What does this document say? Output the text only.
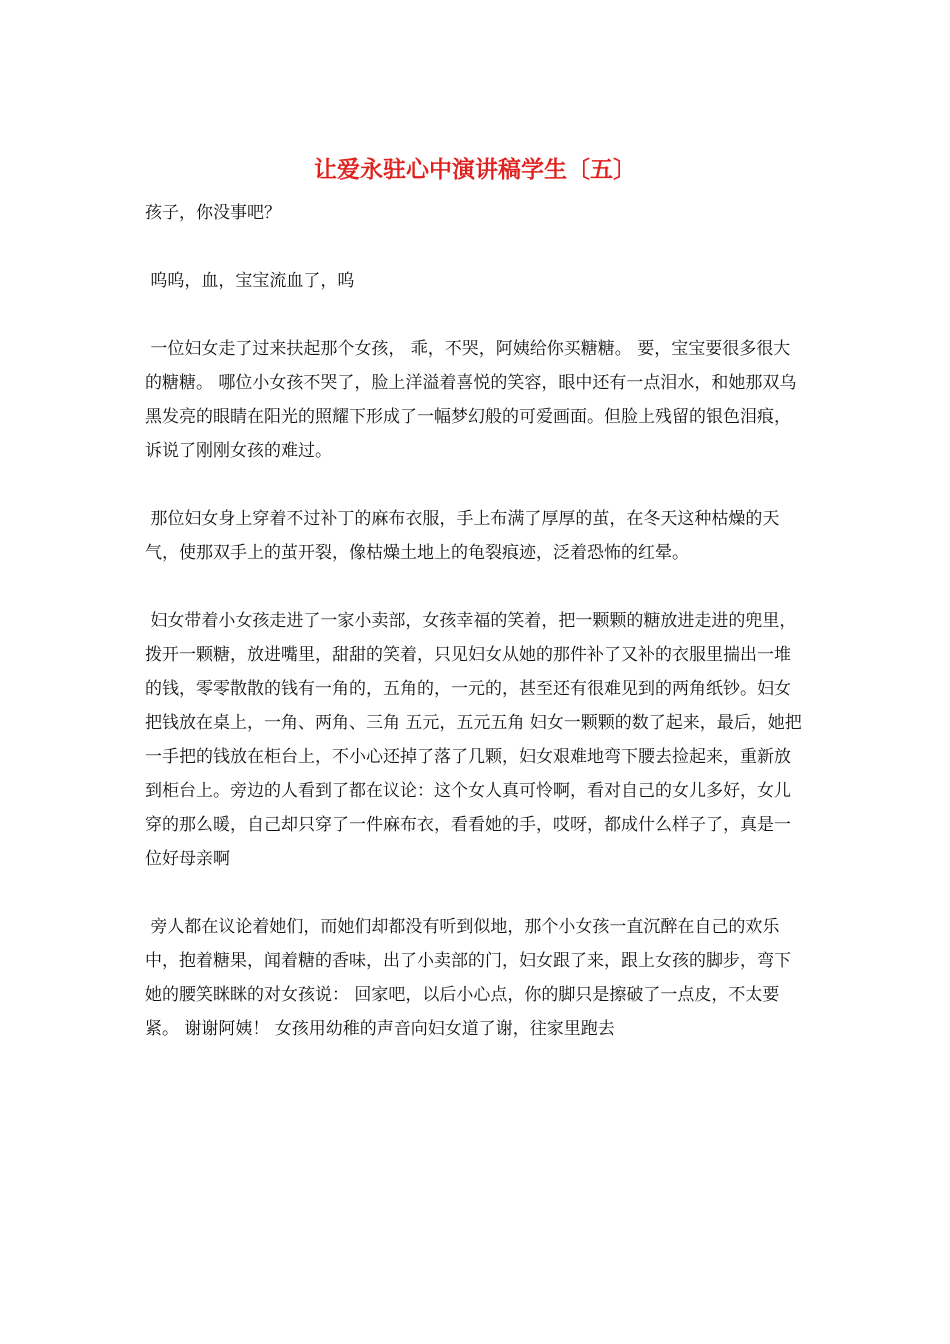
让爱永驻心中演讲稿学生〔五〕

孩子，你没事吧？

呜呜，血，宝宝流血了，呜

一位妇女走了过来扶起那个女孩， 乖，不哭，阿姨给你买糖糖。 要，宝宝要很多很大的糖糖。 哪位小女孩不哭了，脸上洋溢着喜悦的笑容，眼中还有一点泪水，和她那双乌黑发亮的眼睛在阳光的照耀下形成了一幅梦幻般的可爱画面。但脸上残留的银色泪痕，诉说了刚刚女孩的难过。

那位妇女身上穿着不过补丁的麻布衣服，手上布满了厚厚的茧，在冬天这种枯燥的天气，使那双手上的茧开裂，像枯燥土地上的龟裂痕迹，泛着恐怖的红晕。

妇女带着小女孩走进了一家小卖部，女孩幸福的笑着，把一颗颗的糖放进走进的兜里，拨开一颗糖，放进嘴里，甜甜的笑着，只见妇女从她的那件补了又补的衣服里揣出一堆的钱，零零散散的钱有一角的，五角的，一元的，甚至还有很难见到的两角纸钞。妇女把钱放在桌上，一角、两角、三角 五元，五元五角 妇女一颗颗的数了起来，最后，她把一手把的钱放在柜台上，不小心还掉了落了几颗，妇女艰难地弯下腰去捡起来，重新放到柜台上。旁边的人看到了都在议论：这个女人真可怜啊，看对自己的女儿多好，女儿穿的那么暖，自己却只穿了一件麻布衣，看看她的手，哎呀，都成什么样子了，真是一位好母亲啊

旁人都在议论着她们，而她们却都没有听到似地，那个小女孩一直沉醉在自己的欢乐中，抱着糖果，闻着糖的香味，出了小卖部的门，妇女跟了来，跟上女孩的脚步，弯下她的腰笑眯眯的对女孩说： 回家吧，以后小心点，你的脚只是擦破了一点皮，不太要紧。 谢谢阿姨！ 女孩用幼稚的声音向妇女道了谢，往家里跑去
